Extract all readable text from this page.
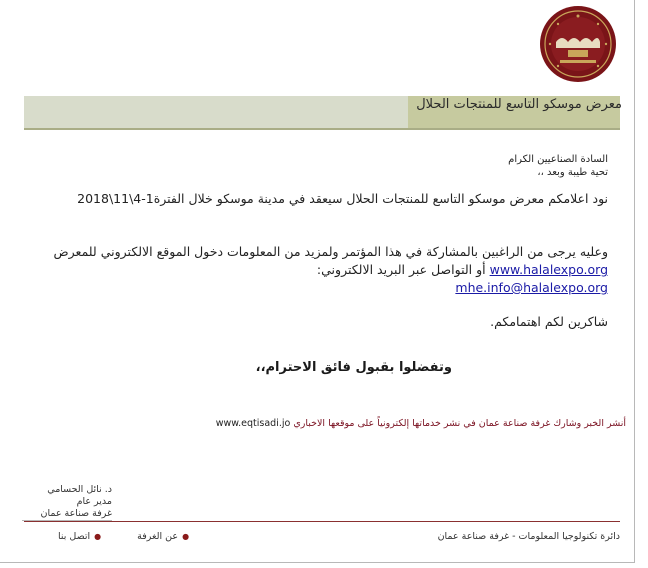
معرض موسكو التاسع للمنتجات الحلال
السادة الصناعيين الكرام
تحية طيبة وبعد ،،
نود اعلامكم معرض موسكو التاسع للمنتجات الحلال سيعقد في مدينة موسكو خلال الفترة1-4\11\2018
وعليه يرجى من الراغبين بالمشاركة في هذا المؤتمر ولمزيد من المعلومات دخول الموقع الالكتروني للمعرض www.halalexpo.org أو التواصل عبر البريد الالكتروني:
mhe.info@halalexpo.org
شاكرين لكم اهتمامكم.
وتفضلوا بقبول فائق الاحترام،،
أنشر الخبر وشارك غرفة صناعة عمان في نشر خدماتها إلكترونياً على موقعها الاخباري www.eqtisadi.jo
د. نائل الحسامي
مدير عام
غرفة صناعة عمان
●عن الغرفة
●اتصل بنا	دائرة تكنولوجيا المعلومات - غرفة صناعة عمان
